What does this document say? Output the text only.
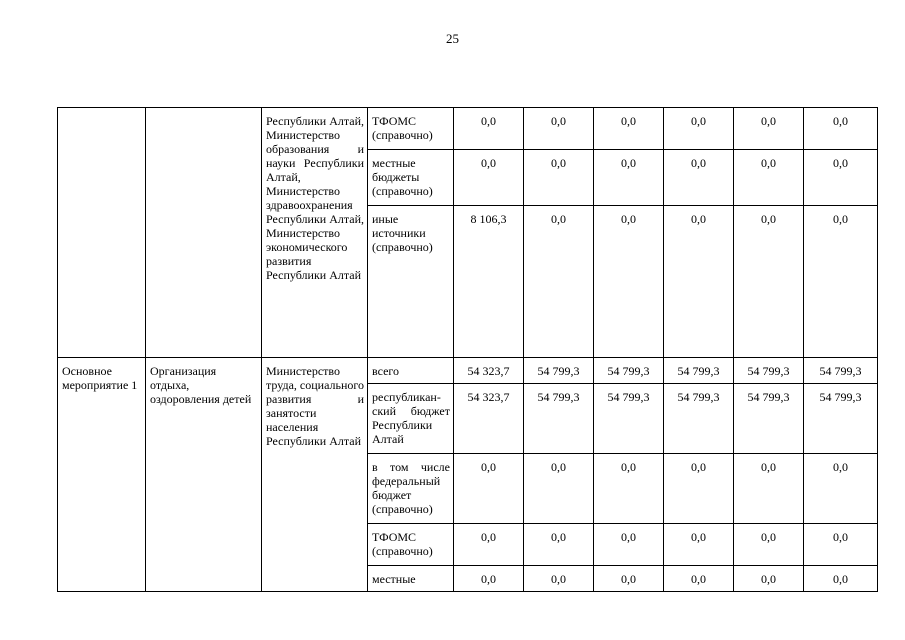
25
		Республики Алтай, Министерство образования и науки Республики Алтай, Министерство здравоохранения Республики Алтай, Министерство экономического развития Республики Алтай	ТФОМС (справочно)	0,0	0,0	0,0	0,0	0,0	0,0
			местные бюджеты (справочно)	0,0	0,0	0,0	0,0	0,0	0,0
			иные источники (справочно)	8 106,3	0,0	0,0	0,0	0,0	0,0
Основное мероприятие 1	Организация отдыха, оздоровления детей	Министерство труда, социального развития и занятости населения Республики Алтай	всего	54 323,7	54 799,3	54 799,3	54 799,3	54 799,3	54 799,3
			республикан-ский бюджет Республики Алтай	54 323,7	54 799,3	54 799,3	54 799,3	54 799,3	54 799,3
			в том числе федеральный бюджет (справочно)	0,0	0,0	0,0	0,0	0,0	0,0
			ТФОМС (справочно)	0,0	0,0	0,0	0,0	0,0	0,0
			местные	0,0	0,0	0,0	0,0	0,0	0,0
